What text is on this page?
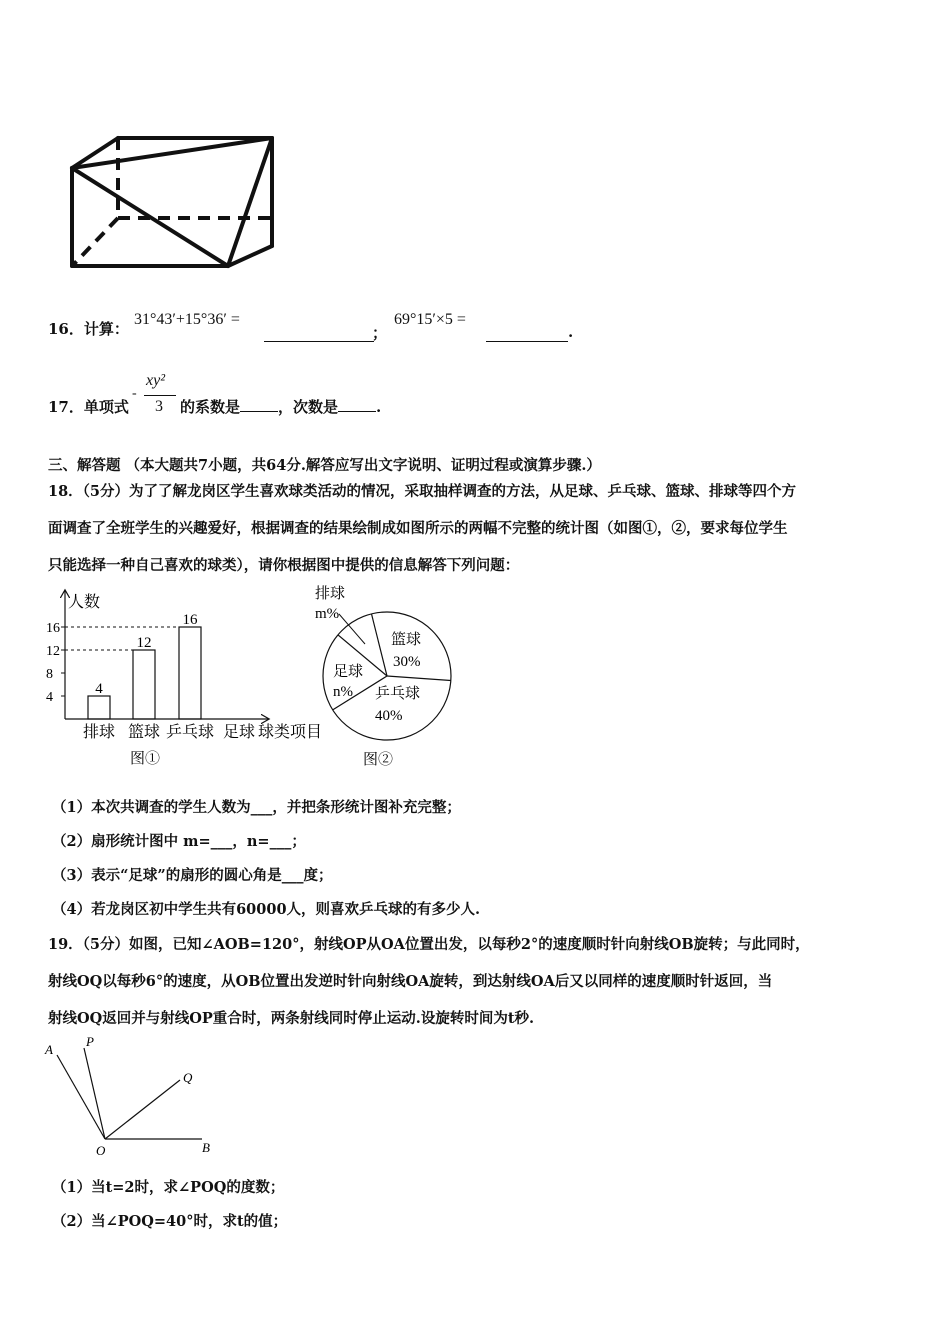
16．计算：
31°43′+15°36′ =
；
69°15′×5 =
.
17．单项式
-
xy²
3 的系数是	，次数是	.
三、解答题 （本大题共7小题，共64分.解答应写出文字说明、证明过程或演算步骤.）
18．（5分）为了了解龙岗区学生喜欢球类活动的情况，采取抽样调查的方法，从足球、乒乓球、篮球、排球等四个方
面调查了全班学生的兴趣爱好，根据调查的结果绘制成如图所示的两幅不完整的统计图（如图①，②，要求每位学生
只能选择一种自己喜欢的球类），请你根据图中提供的信息解答下列问题：
人数
球类项目
4
8
12
16
排球
4
篮球
12
乒乓球
16
足球
图①
排球
m%
篮球
30%
足球
n% 乒乓球
40%
图②
（1）本次共调查的学生人数为___，并把条形统计图补充完整；
（2）扇形统计图中 m=___，n=___；
（3）表示“足球”的扇形的圆心角是___度；
（4）若龙岗区初中学生共有60000人，则喜欢乒乓球的有多少人.
19．（5分）如图，已知∠AOB=120°，射线OP从OA位置出发，以每秒2°的速度顺时针向射线OB旋转；与此同时，
射线OQ以每秒6°的速度，从OB位置出发逆时针向射线OA旋转，到达射线OA后又以同样的速度顺时针返回，当
射线OQ返回并与射线OP重合时，两条射线同时停止运动.设旋转时间为t秒.
A
P
Q
O	B
（1）当t=2时，求∠POQ的度数；
（2）当∠POQ=40°时，求t的值；
